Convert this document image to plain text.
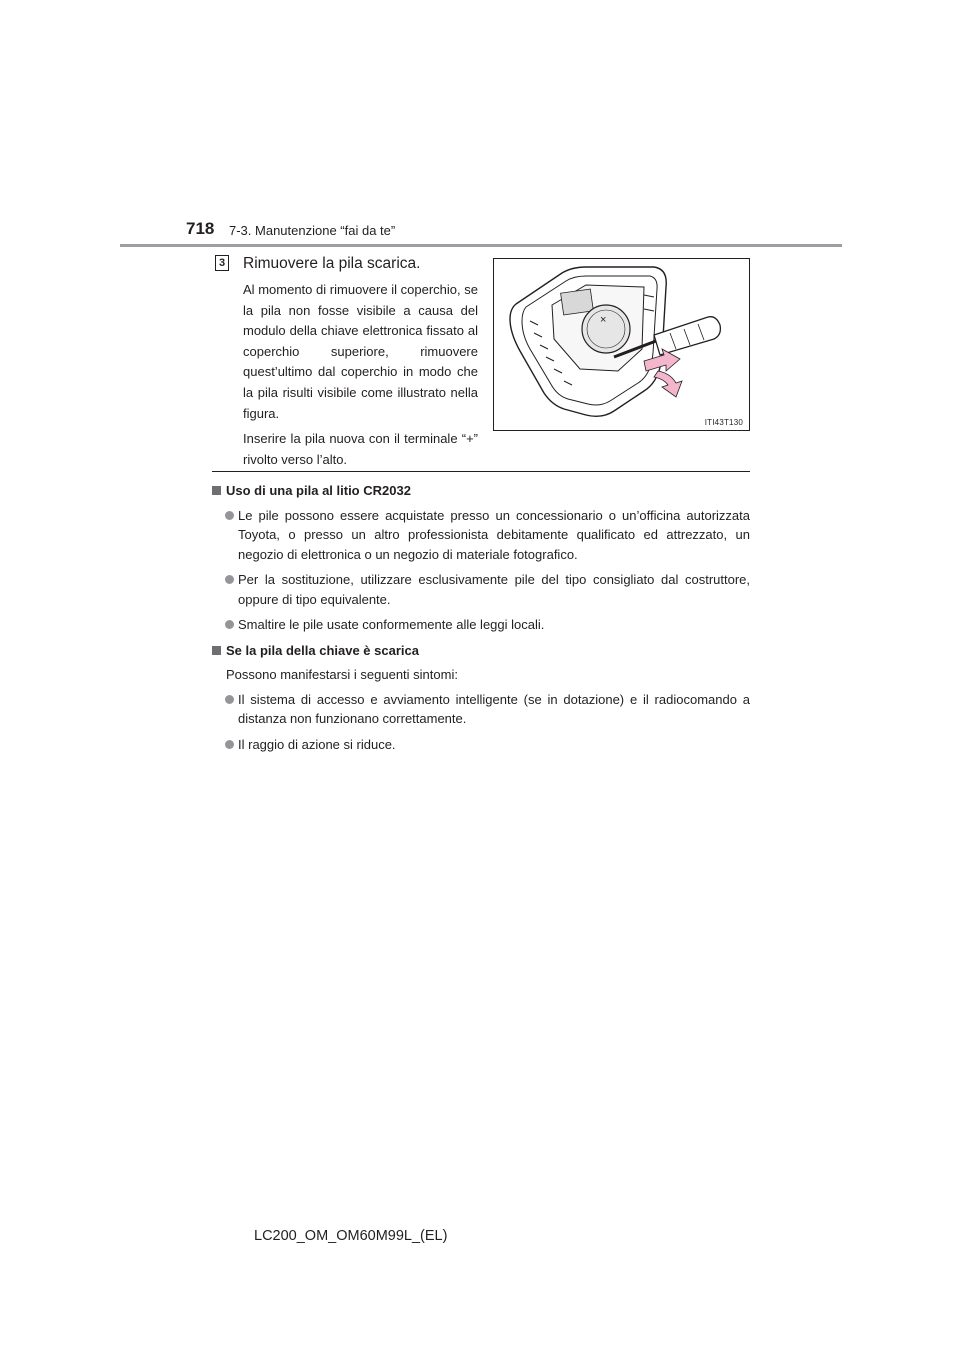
718 7-3. Manutenzione “fai da te”
3 Rimuovere la pila scarica.

Al momento di rimuovere il coperchio, se la pila non fosse visibile a causa del modulo della chiave elettronica fissato al coperchio superiore, rimuovere quest’ultimo dal coperchio in modo che la pila risulti visibile come illustrato nella figura.

Inserire la pila nuova con il terminale “+” rivolto verso l’alto.

×
ITI43T130
Uso di una pila al litio CR2032
Le pile possono essere acquistate presso un concessionario o un’officina autorizzata Toyota, o presso un altro professionista debitamente qualificato ed attrezzato, un negozio di elettronica o un negozio di materiale fotografico.
Per la sostituzione, utilizzare esclusivamente pile del tipo consigliato dal costruttore, oppure di tipo equivalente.
Smaltire le pile usate conformemente alle leggi locali.
Se la pila della chiave è scarica
Possono manifestarsi i seguenti sintomi:
Il sistema di accesso e avviamento intelligente (se in dotazione) e il radiocomando a distanza non funzionano correttamente.
Il raggio di azione si riduce.
LC200_OM_OM60M99L_(EL)
